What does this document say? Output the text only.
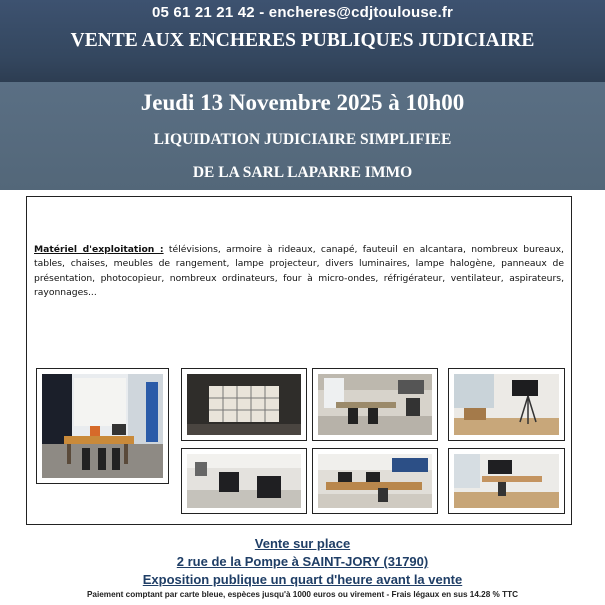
05 61 21 21 42 - encheres@cdjtoulouse.fr
VENTE AUX ENCHERES PUBLIQUES JUDICIAIRE
Jeudi 13 Novembre 2025 à 10h00
LIQUIDATION JUDICIAIRE SIMPLIFIEE
DE LA SARL LAPARRE IMMO
Matériel d'exploitation : télévisions, armoire à rideaux, canapé, fauteuil en alcantara, nombreux bureaux, tables, chaises, meubles de rangement, lampe projecteur, divers luminaires, lampe halogène, panneaux de présentation, photocopieur, nombreux ordinateurs, four à micro-ondes, réfrigérateur, ventilateur, aspirateurs, rayonnages...
Vente sur place
2 rue de la Pompe à SAINT-JORY (31790)
Exposition publique un quart d'heure avant la vente
Paiement comptant par carte bleue, espèces jusqu'à 1000 euros ou virement - Frais légaux en sus 14.28 % TTC
